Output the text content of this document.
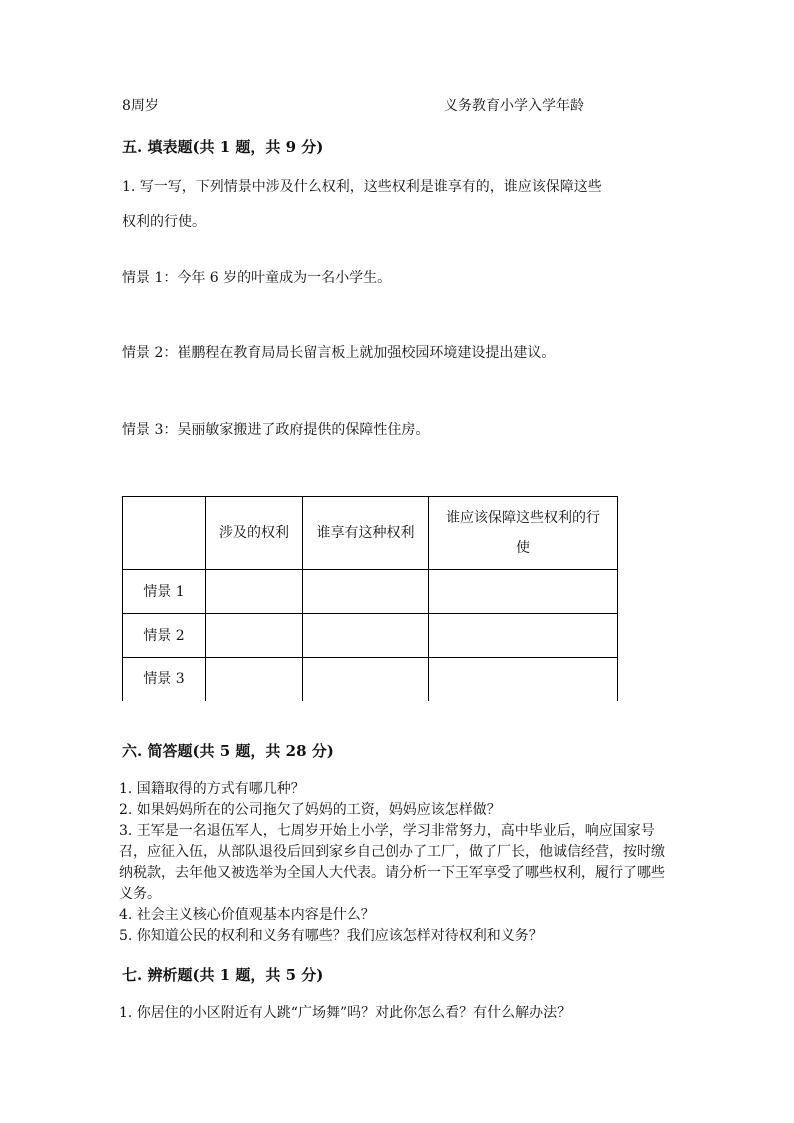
8周岁	义务教育小学入学年龄
五. 填表题(共 1 题，共 9 分)
1. 写一写，下列情景中涉及什么权利，这些权利是谁享有的，谁应该保障这些
权利的行使。
情景 1：今年 6 岁的叶童成为一名小学生。
情景 2：崔鹏程在教育局局长留言板上就加强校园环境建设提出建议。
情景 3：吴丽敏家搬进了政府提供的保障性住房。
	涉及的权利	谁享有这种权利	谁应该保障这些权利的行使
情景 1			
情景 2			
情景 3			
六. 简答题(共 5 题，共 28 分)
1. 国籍取得的方式有哪几种？
2. 如果妈妈所在的公司拖欠了妈妈的工资，妈妈应该怎样做？
3. 王军是一名退伍军人，七周岁开始上小学，学习非常努力，高中毕业后，响应国家号召，应征入伍，从部队退役后回到家乡自己创办了工厂，做了厂长，他诚信经营，按时缴纳税款，去年他又被选举为全国人大代表。请分析一下王军享受了哪些权利，履行了哪些义务。
4. 社会主义核心价值观基本内容是什么？
5. 你知道公民的权利和义务有哪些？我们应该怎样对待权利和义务？
七. 辨析题(共 1 题，共 5 分)
1. 你居住的小区附近有人跳“广场舞”吗？对此你怎么看？有什么解办法？
